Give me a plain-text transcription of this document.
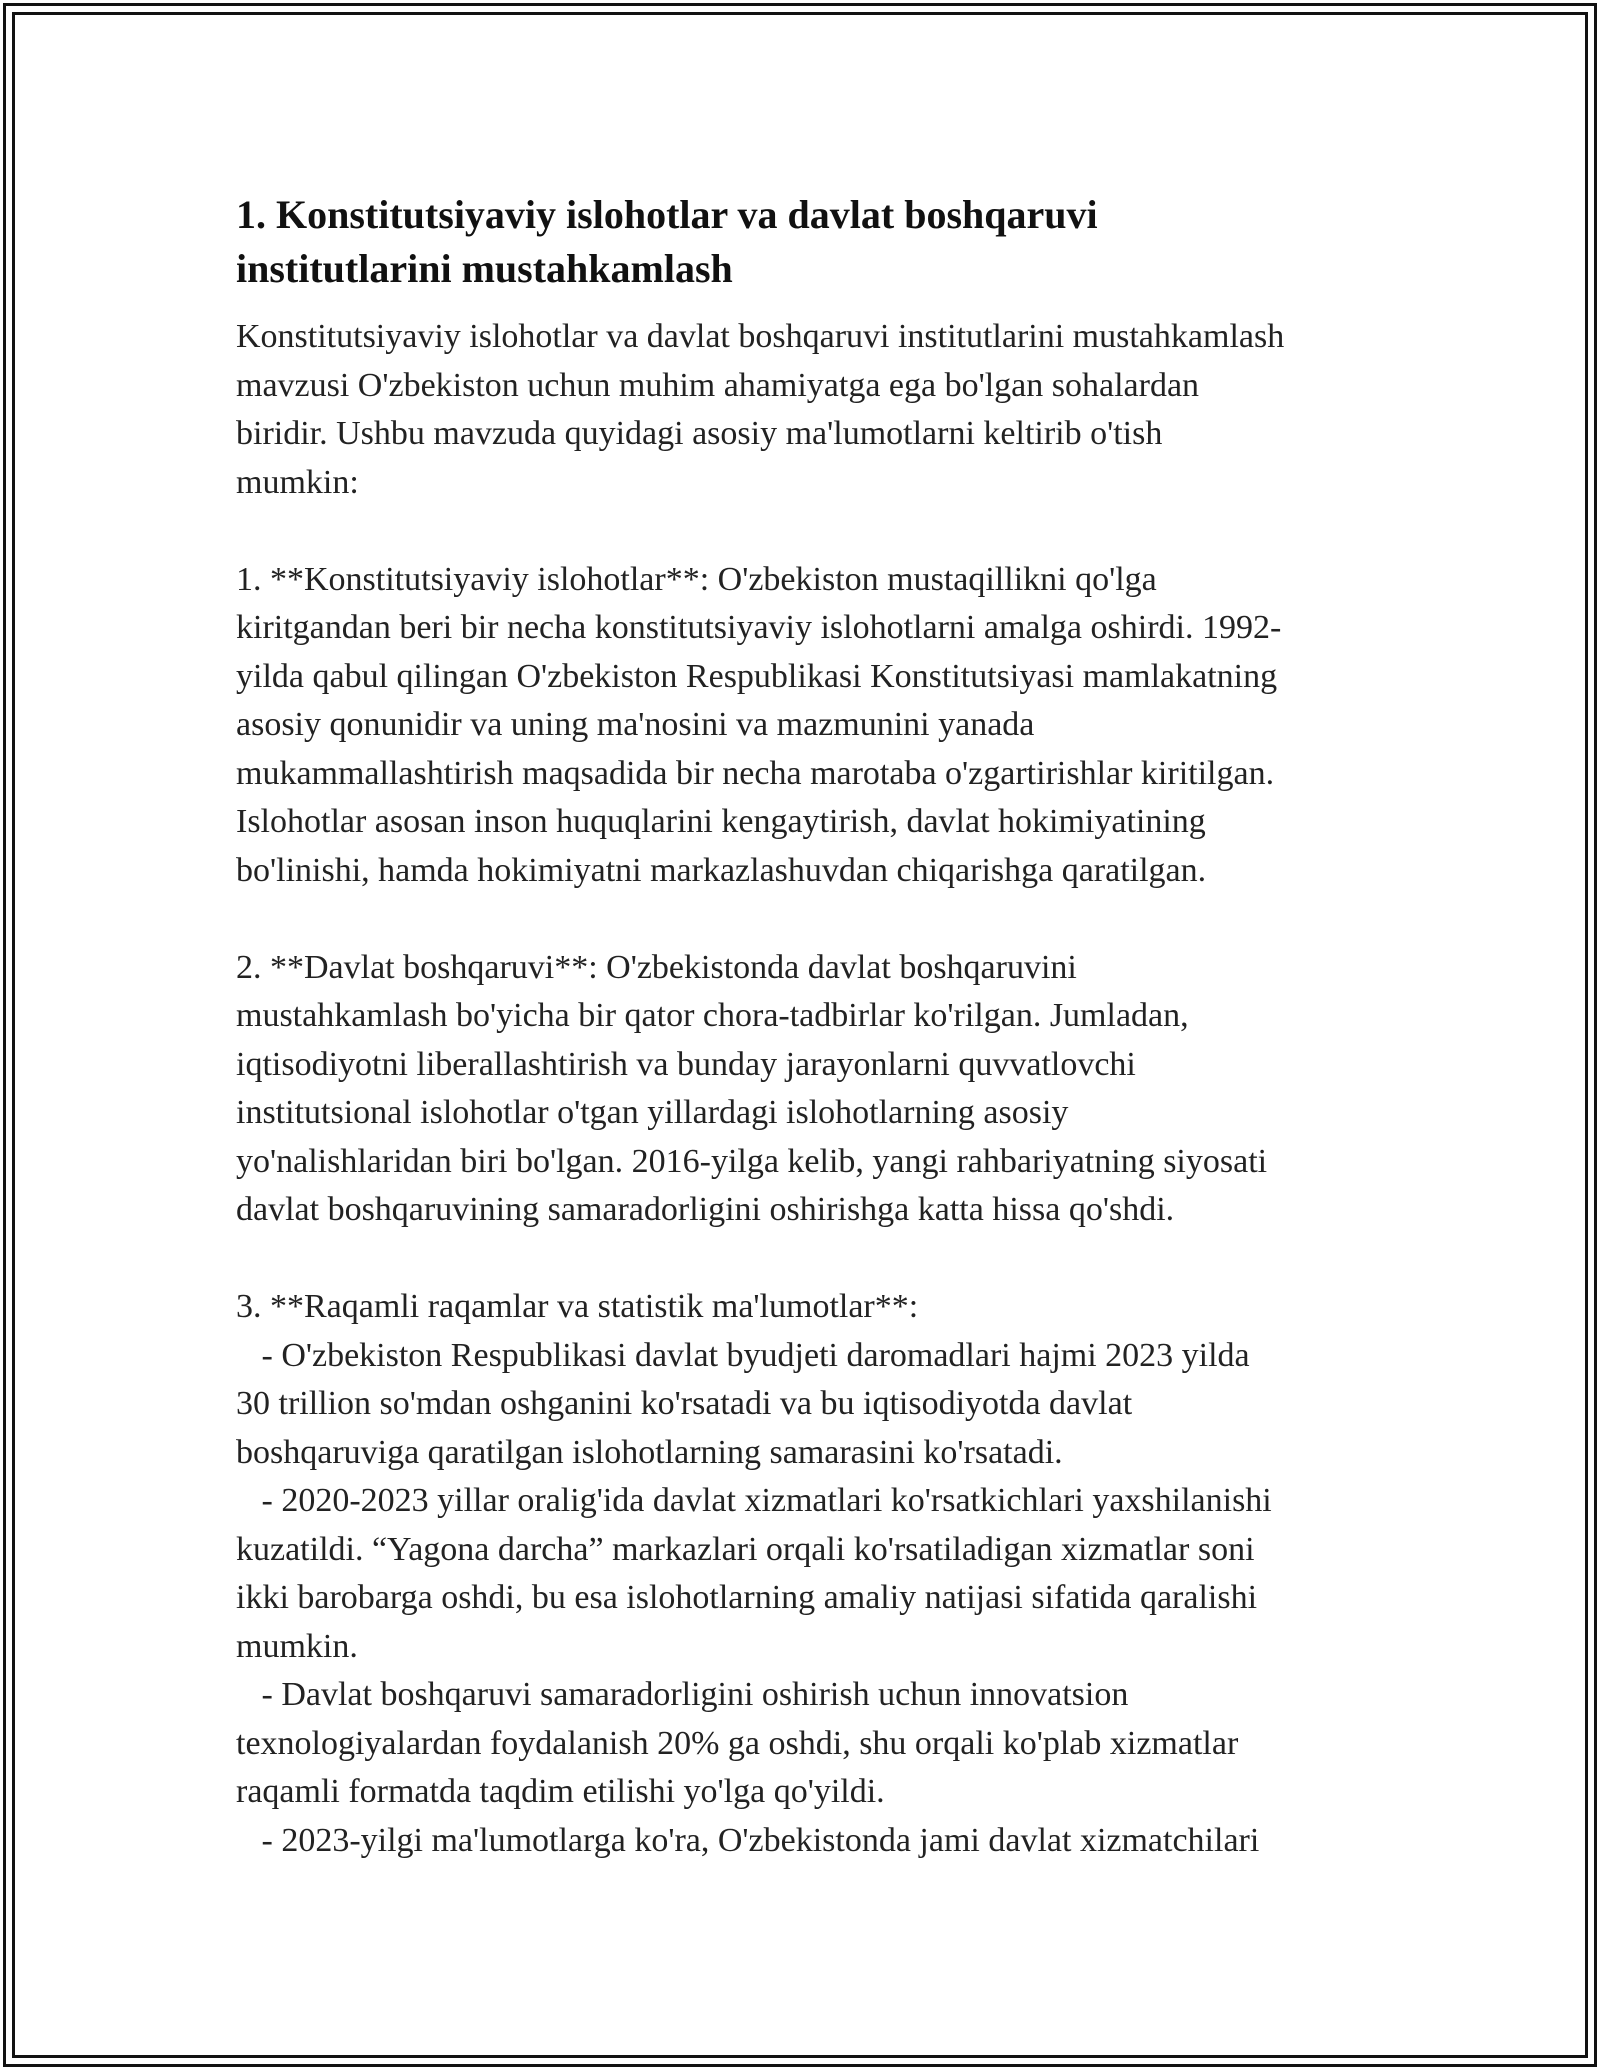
1. Konstitutsiyaviy islohotlar va davlat boshqaruvi
institutlarini mustahkamlash
Konstitutsiyaviy islohotlar va davlat boshqaruvi institutlarini mustahkamlash
mavzusi O'zbekiston uchun muhim ahamiyatga ega bo'lgan sohalardan
biridir. Ushbu mavzuda quyidagi asosiy ma'lumotlarni keltirib o'tish
mumkin:

1. **Konstitutsiyaviy islohotlar**: O'zbekiston mustaqillikni qo'lga
kiritgandan beri bir necha konstitutsiyaviy islohotlarni amalga oshirdi. 1992-
yilda qabul qilingan O'zbekiston Respublikasi Konstitutsiyasi mamlakatning
asosiy qonunidir va uning ma'nosini va mazmunini yanada
mukammallashtirish maqsadida bir necha marotaba o'zgartirishlar kiritilgan.
Islohotlar asosan inson huquqlarini kengaytirish, davlat hokimiyatining
bo'linishi, hamda hokimiyatni markazlashuvdan chiqarishga qaratilgan.

2. **Davlat boshqaruvi**: O'zbekistonda davlat boshqaruvini
mustahkamlash bo'yicha bir qator chora-tadbirlar ko'rilgan. Jumladan,
iqtisodiyotni liberallashtirish va bunday jarayonlarni quvvatlovchi
institutsional islohotlar o'tgan yillardagi islohotlarning asosiy
yo'nalishlaridan biri bo'lgan. 2016-yilga kelib, yangi rahbariyatning siyosati
davlat boshqaruvining samaradorligini oshirishga katta hissa qo'shdi.

3. **Raqamli raqamlar va statistik ma'lumotlar**:
- O'zbekiston Respublikasi davlat byudjeti daromadlari hajmi 2023 yilda
30 trillion so'mdan oshganini ko'rsatadi va bu iqtisodiyotda davlat
boshqaruviga qaratilgan islohotlarning samarasini ko'rsatadi.
- 2020-2023 yillar oralig'ida davlat xizmatlari ko'rsatkichlari yaxshilanishi
kuzatildi. “Yagona darcha” markazlari orqali ko'rsatiladigan xizmatlar soni
ikki barobarga oshdi, bu esa islohotlarning amaliy natijasi sifatida qaralishi
mumkin.
- Davlat boshqaruvi samaradorligini oshirish uchun innovatsion
texnologiyalardan foydalanish 20% ga oshdi, shu orqali ko'plab xizmatlar
raqamli formatda taqdim etilishi yo'lga qo'yildi.
- 2023-yilgi ma'lumotlarga ko'ra, O'zbekistonda jami davlat xizmatchilari
